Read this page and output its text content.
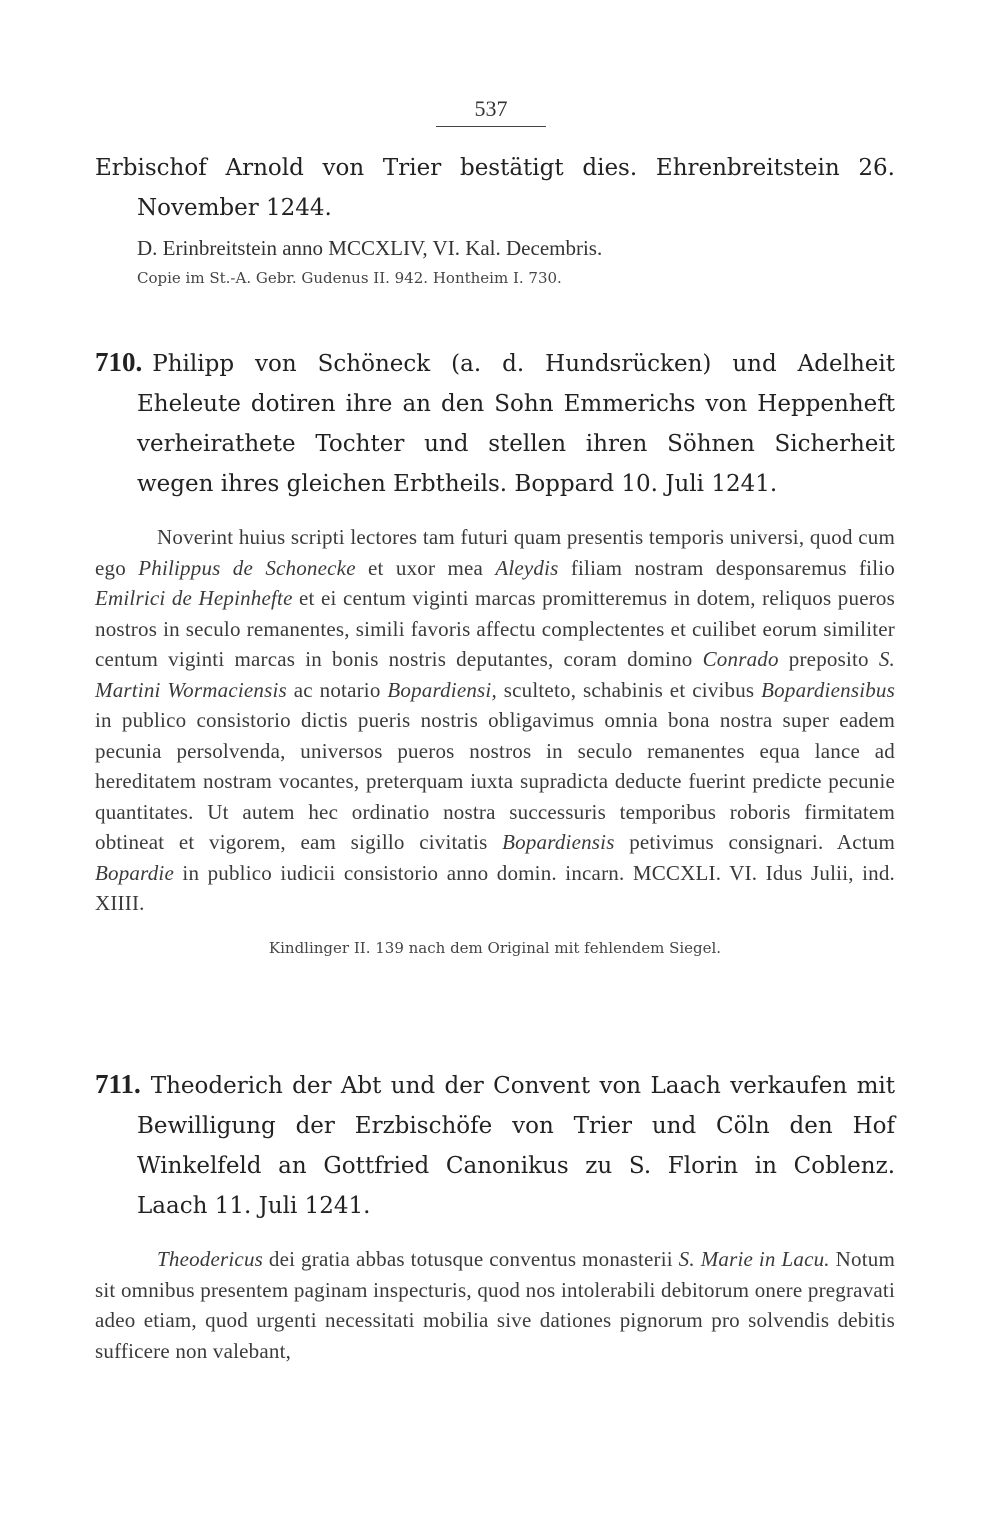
537
Erbischof Arnold von Trier bestätigt dies. Ehrenbreitstein 26. November 1244.
D. Erinbreitstein anno MCCXLIV, VI. Kal. Decembris.
Copie im St.-A. Gebr. Gudenus II. 942. Hontheim I. 730.
710. Philipp von Schöneck (a. d. Hundsrücken) und Adelheit Eheleute dotiren ihre an den Sohn Emmerichs von Heppenheft verheirathete Tochter und stellen ihren Söhnen Sicherheit wegen ihres gleichen Erbtheils. Boppard 10. Juli 1241.

Noverint huius scripti lectores tam futuri quam presentis temporis universi, quod cum ego Philippus de Schonecke et uxor mea Aleydis filiam nostram desponsaremus filio Emilrici de Hepinhefte et ei centum viginti marcas promitteremus in dotem, reliquos pueros nostros in seculo remanentes, simili favoris affectu complectentes et cuilibet eorum similiter centum viginti marcas in bonis nostris deputantes, coram domino Conrado preposito S. Martini Wormaciensis ac notario Bopardiensi, sculteto, schabinis et civibus Bopardiensibus in publico consistorio dictis pueris nostris obligavimus omnia bona nostra super eadem pecunia persolvenda, universos pueros nostros in seculo remanentes equa lance ad hereditatem nostram vocantes, preterquam iuxta supradicta deducte fuerint predicte pecunie quantitates. Ut autem hec ordinatio nostra successuris temporibus roboris firmitatem obtineat et vigorem, eam sigillo civitatis Bopardiensis petivimus consignari. Actum Bopardie in publico iudicii consistorio anno domin. incarn. MCCXLI. VI. Idus Julii, ind. XIIII.

Kindlinger II. 139 nach dem Original mit fehlendem Siegel.
711. Theoderich der Abt und der Convent von Laach verkaufen mit Bewilligung der Erzbischöfe von Trier und Cöln den Hof Winkelfeld an Gottfried Canonikus zu S. Florin in Coblenz. Laach 11. Juli 1241.

Theodericus dei gratia abbas totusque conventus monasterii S. Marie in Lacu. Notum sit omnibus presentem paginam inspecturis, quod nos intolerabili debitorum onere pregravati adeo etiam, quod urgenti necessitati mobilia sive dationes pignorum pro solvendis debitis sufficere non valebant,
